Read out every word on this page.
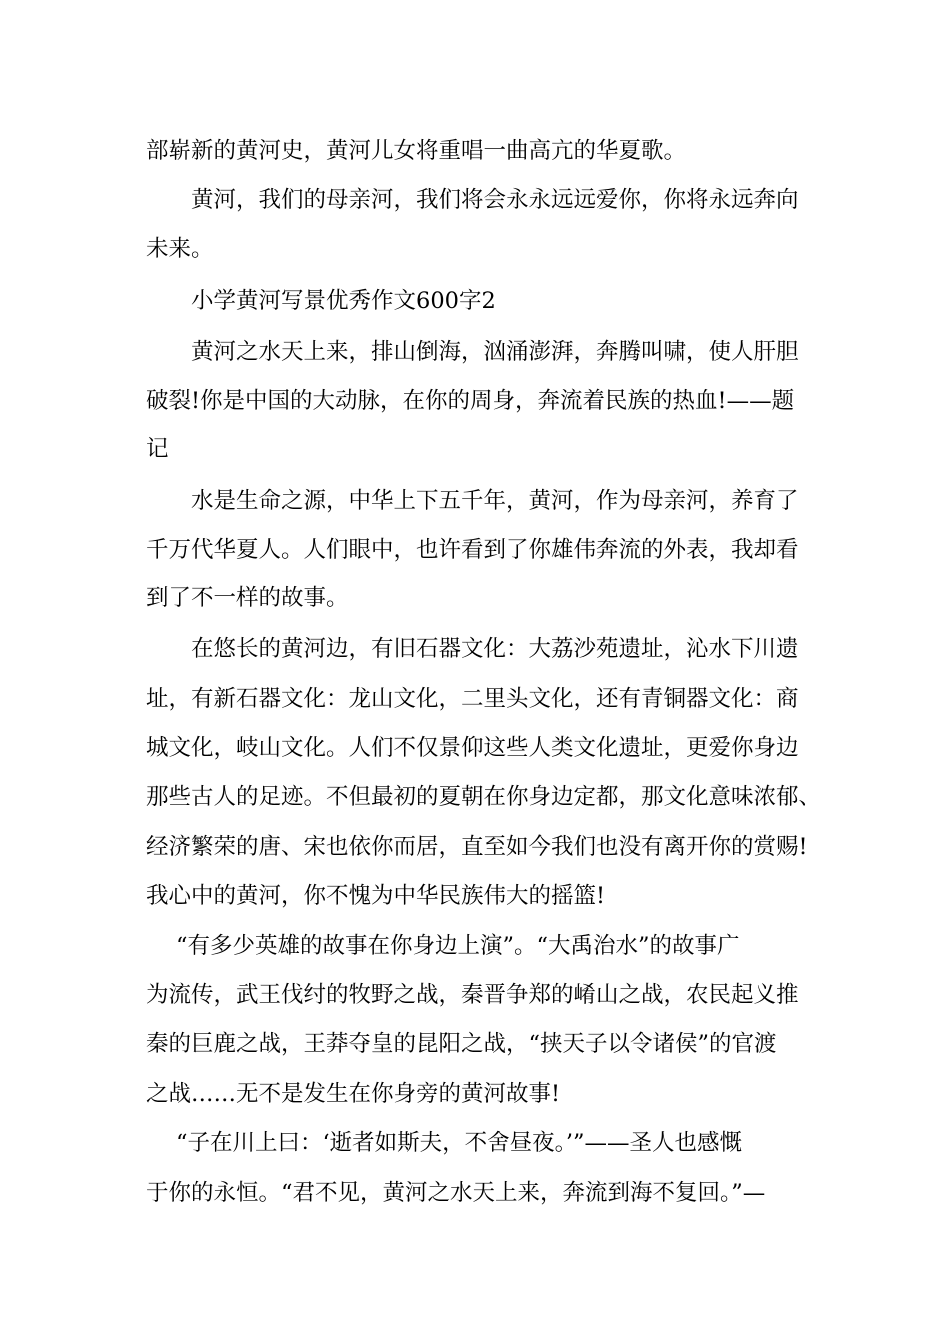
部崭新的黄河史，黄河儿女将重唱一曲高亢的华夏歌。
黄河，我们的母亲河，我们将会永永远远爱你，你将永远奔向
未来。
小学黄河写景优秀作文600字2
黄河之水天上来，排山倒海，汹涌澎湃，奔腾叫啸，使人肝胆
破裂!你是中国的大动脉，在你的周身，奔流着民族的热血!——题
记
水是生命之源，中华上下五千年，黄河，作为母亲河，养育了
千万代华夏人。人们眼中，也许看到了你雄伟奔流的外表，我却看
到了不一样的故事。
在悠长的黄河边，有旧石器文化：大荔沙苑遗址，沁水下川遗
址，有新石器文化：龙山文化，二里头文化，还有青铜器文化：商
城文化，岐山文化。人们不仅景仰这些人类文化遗址，更爱你身边
那些古人的足迹。不但最初的夏朝在你身边定都，那文化意味浓郁、
经济繁荣的唐、宋也依你而居，直至如今我们也没有离开你的赏赐!
我心中的黄河，你不愧为中华民族伟大的摇篮!
“有多少英雄的故事在你身边上演”。“大禹治水”的故事广
为流传，武王伐纣的牧野之战，秦晋争郑的崤山之战，农民起义推
秦的巨鹿之战，王莽夺皇的昆阳之战，“挟天子以令诸侯”的官渡
之战……无不是发生在你身旁的黄河故事!
“子在川上曰：‘逝者如斯夫，不舍昼夜。’”——圣人也感慨
于你的永恒。“君不见，黄河之水天上来，奔流到海不复回。”—
